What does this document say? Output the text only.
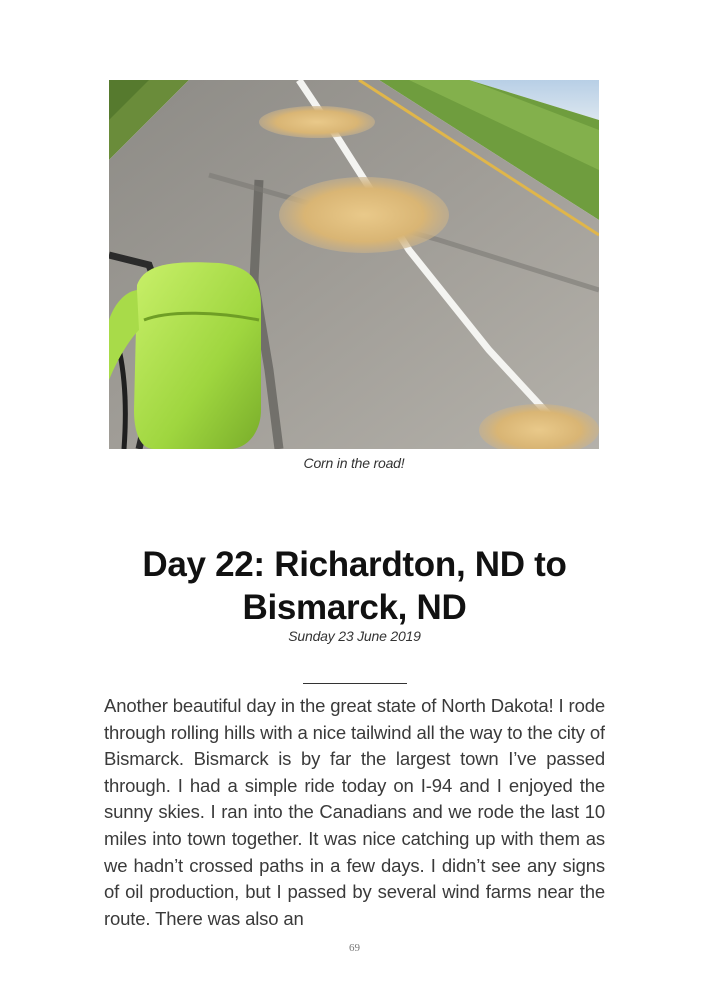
Corn in the road!
Day 22: Richardton, ND to Bismarck, ND
Sunday 23 June 2019

Another beautiful day in the great state of North Dakota! I rode through rolling hills with a nice tailwind all the way to the city of Bismarck. Bismarck is by far the largest town I’ve passed through. I had a simple ride today on I-94 and I enjoyed the sunny skies. I ran into the Canadians and we rode the last 10 miles into town together. It was nice catching up with them as we hadn’t crossed paths in a few days. I didn’t see any signs of oil production, but I passed by several wind farms near the route. There was also an

69
